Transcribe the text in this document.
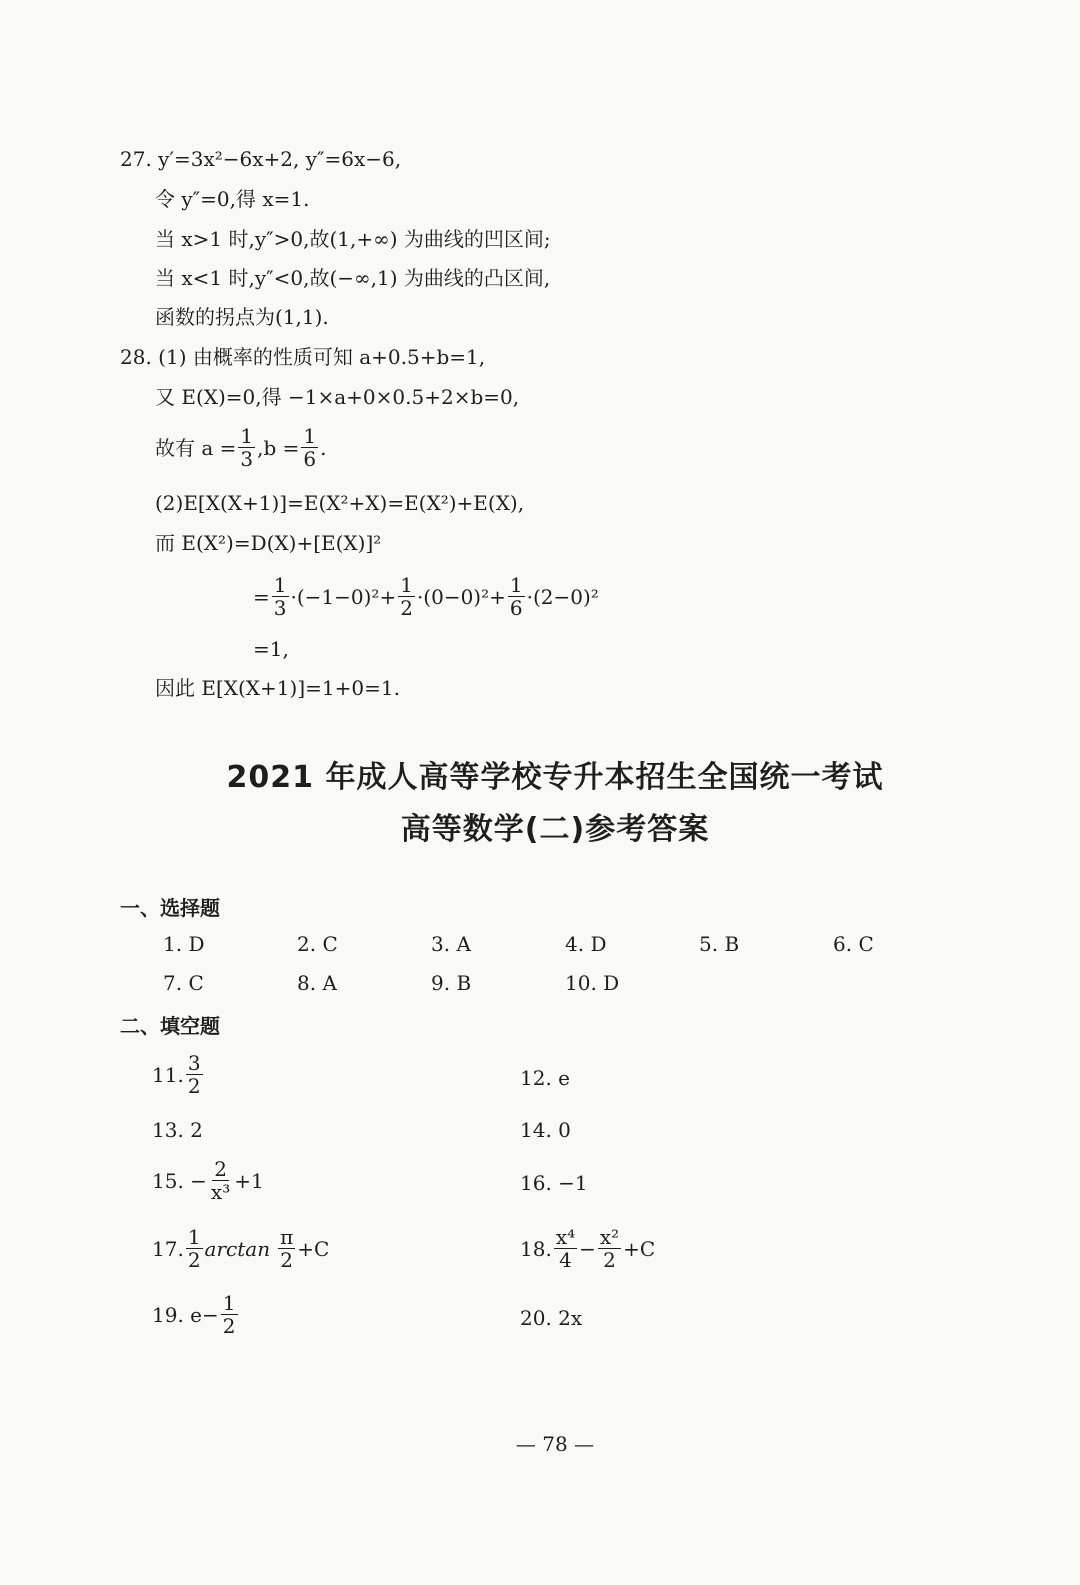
27. y′=3x²−6x+2, y″=6x−6,
令 y″=0,得 x=1.
当 x>1 时,y″>0,故(1,+∞) 为曲线的凹区间;
当 x<1 时,y″<0,故(−∞,1) 为曲线的凸区间,
函数的拐点为(1,1).
28. (1) 由概率的性质可知 a+0.5+b=1,
又 E(X)=0,得 −1×a+0×0.5+2×b=0,
故有 $a = \frac{1}{3} ,b = \frac{1}{6}$ .
(2)E[X(X+1)]=E(X²+X)=E(X²)+E(X),
而 E(X²)=D(X)+[E(X)]²
= $\frac{1}{3} \cdot(-1-0)^2+ \frac{1}{2} \cdot(0-0)^2+ \frac{1}{6} \cdot(2-0)^2$
=1,
因此 E[X(X+1)]=1+0=1.
2021 年成人高等学校专升本招生全国统一考试
高等数学(二)参考答案
一、选择题
1. D	2. C	3. A	4. D	5. B	6. C
7. C	8. A	9. B	10. D
二、填空题
11. $\frac{3}{2}$	12. e
13. 2	14. 0
15. − $\frac{2}{\text{x³}} +1$	16. −1
17. $\frac{1}{2}$ $\arctan \frac{\pi}{2} +C$	18. $\frac{\text{x⁴}}{4} - \frac{\text{x²}}{2} +C$
19. $e- \frac{1}{2}$	20. 2x
— 78 —
